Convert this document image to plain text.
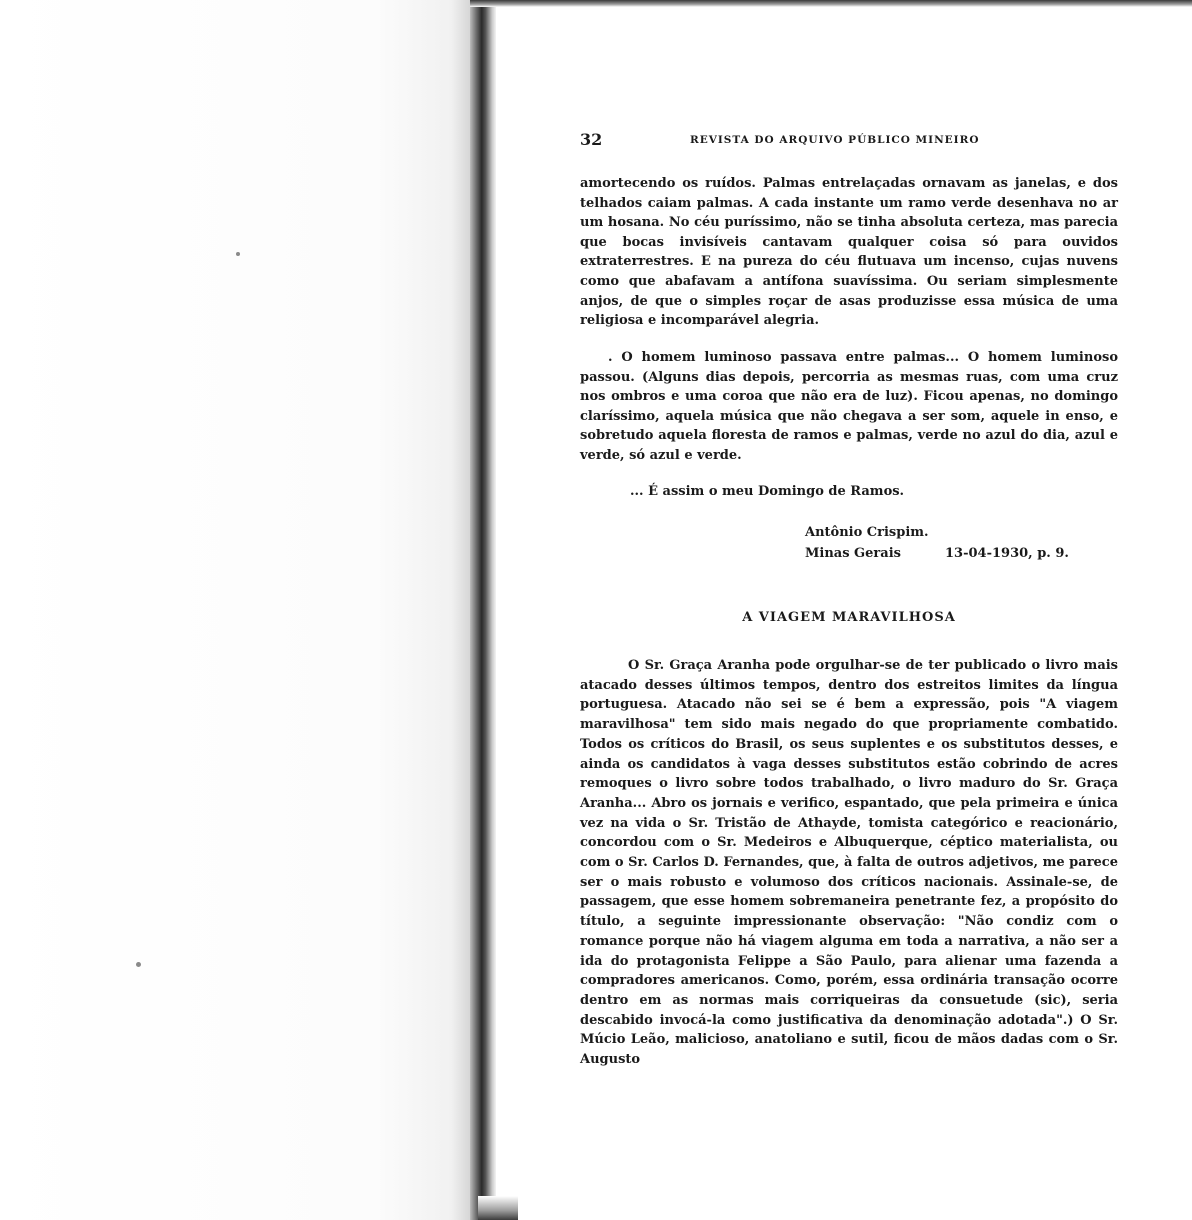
32	REVISTA DO ARQUIVO PÚBLICO MINEIRO

amortecendo os ruídos. Palmas entrelaçadas ornavam as janelas, e dos telhados caiam palmas. A cada instante um ramo verde desenhava no ar um hosana. No céu puríssimo, não se tinha absoluta certeza, mas parecia que bocas invisíveis cantavam qualquer coisa só para ouvidos extraterrestres. E na pureza do céu flutuava um incenso, cujas nuvens como que abafavam a antífona suavíssima. Ou seriam simplesmente anjos, de que o simples roçar de asas produzisse essa música de uma religiosa e incomparável alegria.

. O homem luminoso passava entre palmas... O homem luminoso passou. (Alguns dias depois, percorria as mesmas ruas, com uma cruz nos ombros e uma coroa que não era de luz). Ficou apenas, no domingo claríssimo, aquela música que não chegava a ser som, aquele in enso, e sobretudo aquela floresta de ramos e palmas, verde no azul do dia, azul e verde, só azul e verde.

... É assim o meu Domingo de Ramos.

Antônio Crispim.
Minas Gerais	13-04-1930, p. 9.
A VIAGEM MARAVILHOSA

O Sr. Graça Aranha pode orgulhar-se de ter publicado o livro mais atacado desses últimos tempos, dentro dos estreitos limites da língua portuguesa. Atacado não sei se é bem a expressão, pois "A viagem maravilhosa" tem sido mais negado do que propriamente combatido. Todos os críticos do Brasil, os seus suplentes e os substitutos desses, e ainda os candidatos à vaga desses substitutos estão cobrindo de acres remoques o livro sobre todos trabalhado, o livro maduro do Sr. Graça Aranha... Abro os jornais e verifico, espantado, que pela primeira e única vez na vida o Sr. Tristão de Athayde, tomista categórico e reacionário, concordou com o Sr. Medeiros e Albuquerque, céptico materialista, ou com o Sr. Carlos D. Fernandes, que, à falta de outros adjetivos, me parece ser o mais robusto e volumoso dos críticos nacionais. Assinale-se, de passagem, que esse homem sobremaneira penetrante fez, a propósito do título, a seguinte impressionante observação: "Não condiz com o romance porque não há viagem alguma em toda a narrativa, a não ser a ida do protagonista Felippe a São Paulo, para alienar uma fazenda a compradores americanos. Como, porém, essa ordinária transação ocorre dentro em as normas mais corriqueiras da consuetude (sic), seria descabido invocá-la como justificativa da denominação adotada".) O Sr. Múcio Leão, malicioso, anatoliano e sutil, ficou de mãos dadas com o Sr. Augusto
